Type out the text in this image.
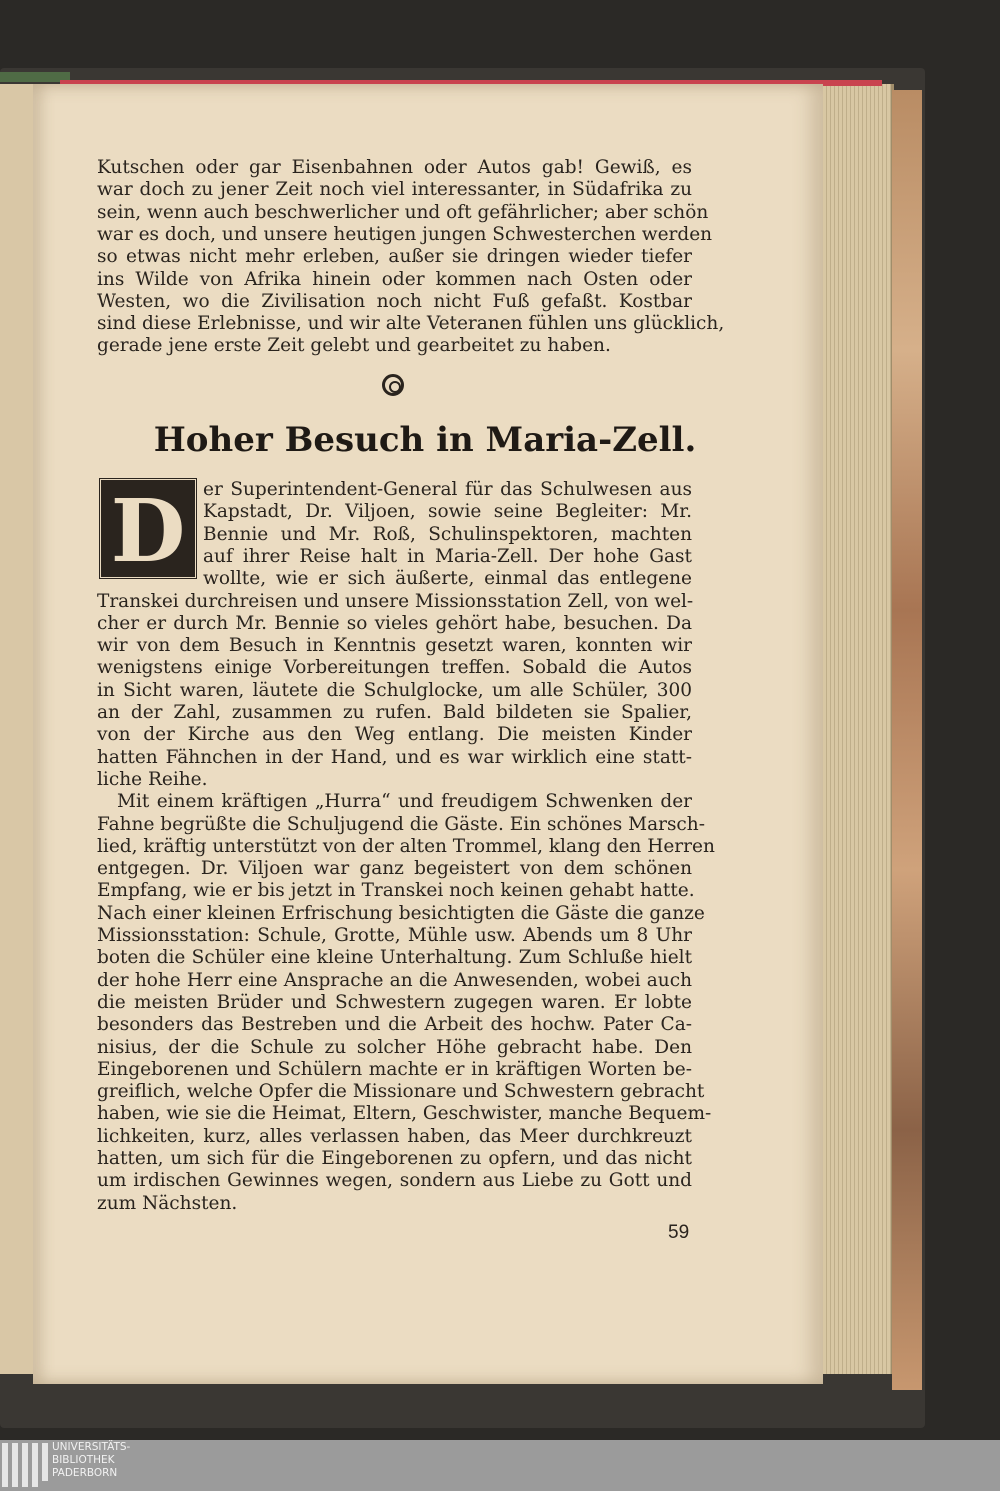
Kutschen oder gar Eisenbahnen oder Autos gab! Gewiß, es
war doch zu jener Zeit noch viel interessanter, in Südafrika zu
sein, wenn auch beschwerlicher und oft gefährlicher; aber schön
war es doch, und unsere heutigen jungen Schwesterchen werden
so etwas nicht mehr erleben, außer sie dringen wieder tiefer
ins Wilde von Afrika hinein oder kommen nach Osten oder
Westen, wo die Zivilisation noch nicht Fuß gefaßt. Kostbar
sind diese Erlebnisse, und wir alte Veteranen fühlen uns glücklich,
gerade jene erste Zeit gelebt und gearbeitet zu haben.
er Superintendent-General für das Schulwesen aus
Kapstadt, Dr. Viljoen, sowie seine Begleiter: Mr.
Bennie und Mr. Roß, Schulinspektoren, machten
auf ihrer Reise halt in Maria-Zell. Der hohe Gast
wollte, wie er sich äußerte, einmal das entlegene
Transkei durchreisen und unsere Missionsstation Zell, von wel-
cher er durch Mr. Bennie so vieles gehört habe, besuchen. Da
wir von dem Besuch in Kenntnis gesetzt waren, konnten wir
wenigstens einige Vorbereitungen treffen. Sobald die Autos
in Sicht waren, läutete die Schulglocke, um alle Schüler, 300
an der Zahl, zusammen zu rufen. Bald bildeten sie Spalier,
von der Kirche aus den Weg entlang. Die meisten Kinder
hatten Fähnchen in der Hand, und es war wirklich eine statt-
liche Reihe.
Mit einem kräftigen „Hurra“ und freudigem Schwenken der
Fahne begrüßte die Schuljugend die Gäste. Ein schönes Marsch-
lied, kräftig unterstützt von der alten Trommel, klang den Herren
entgegen. Dr. Viljoen war ganz begeistert von dem schönen
Empfang, wie er bis jetzt in Transkei noch keinen gehabt hatte.
Nach einer kleinen Erfrischung besichtigten die Gäste die ganze
Missionsstation: Schule, Grotte, Mühle usw. Abends um 8 Uhr
boten die Schüler eine kleine Unterhaltung. Zum Schluße hielt
der hohe Herr eine Ansprache an die Anwesenden, wobei auch
die meisten Brüder und Schwestern zugegen waren. Er lobte
besonders das Bestreben und die Arbeit des hochw. Pater Ca-
nisius, der die Schule zu solcher Höhe gebracht habe. Den
Eingeborenen und Schülern machte er in kräftigen Worten be-
greiflich, welche Opfer die Missionare und Schwestern gebracht
haben, wie sie die Heimat, Eltern, Geschwister, manche Bequem-
lichkeiten, kurz, alles verlassen haben, das Meer durchkreuzt
hatten, um sich für die Eingeborenen zu opfern, und das nicht
um irdischen Gewinnes wegen, sondern aus Liebe zu Gott und
zum Nächsten.
Hoher Besuch in Maria-Zell.
D
59
UNIVERSITÄTS-
BIBLIOTHEK
PADERBORN
